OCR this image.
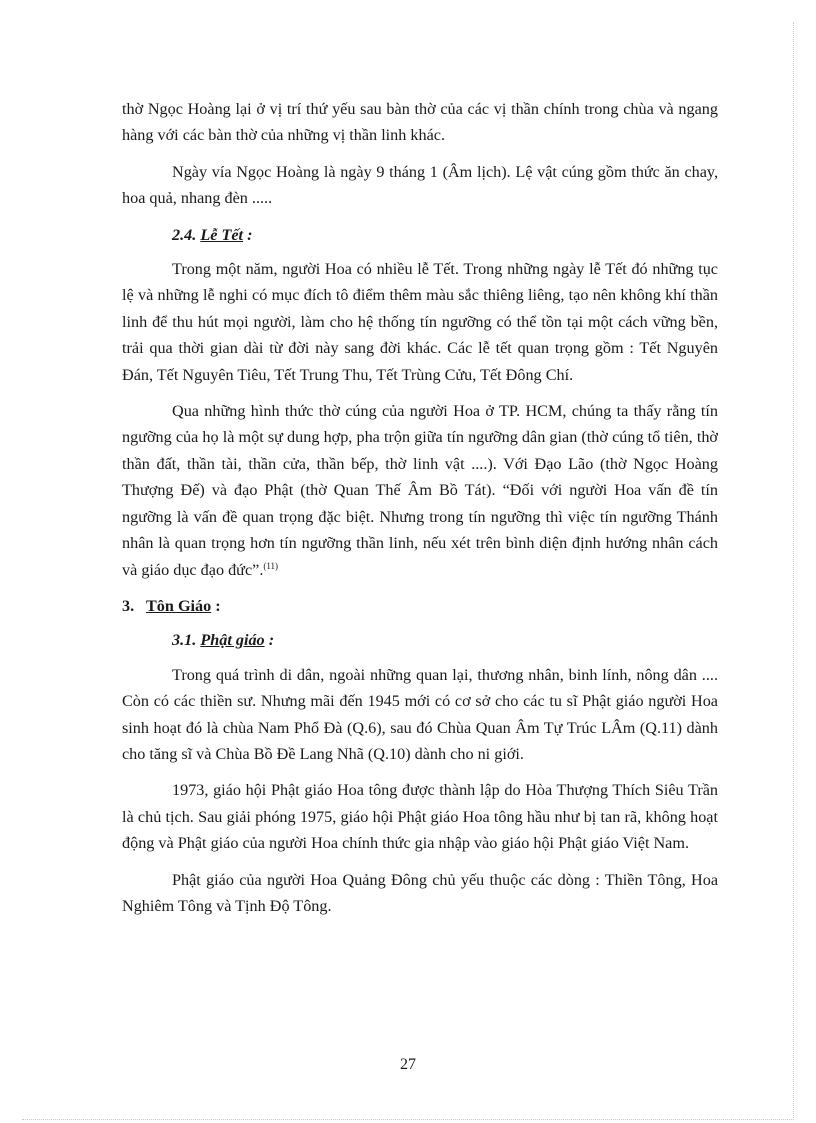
thờ Ngọc Hoàng lại ở vị trí thứ yếu sau bàn thờ của các vị thần chính trong chùa và ngang hàng với các bàn thờ của những vị thần linh khác.

Ngày vía Ngọc Hoàng là ngày 9 tháng 1 (Âm lịch). Lệ vật cúng gồm thức ăn chay, hoa quả, nhang đèn .....

2.4. Lễ Tết :

Trong một năm, người Hoa có nhiều lễ Tết. Trong những ngày lễ Tết đó những tục lệ và những lễ nghi có mục đích tô điểm thêm màu sắc thiêng liêng, tạo nên không khí thần linh để thu hút mọi người, làm cho hệ thống tín ngưỡng có thể tồn tại một cách vững bền, trải qua thời gian dài từ đời này sang đời khác. Các lễ tết quan trọng gồm : Tết Nguyên Đán, Tết Nguyên Tiêu, Tết Trung Thu, Tết Trùng Cửu, Tết Đông Chí.

Qua những hình thức thờ cúng của người Hoa ở TP. HCM, chúng ta thấy rằng tín ngưỡng của họ là một sự dung hợp, pha trộn giữa tín ngưỡng dân gian (thờ cúng tổ tiên, thờ thần đất, thần tài, thần cửa, thần bếp, thờ linh vật ....). Với Đạo Lão (thờ Ngọc Hoàng Thượng Đế) và đạo Phật (thờ Quan Thế Âm Bồ Tát). “Đối với người Hoa vấn đề tín ngưỡng là vấn đề quan trọng đặc biệt. Nhưng trong tín ngưỡng thì việc tín ngưỡng Thánh nhân là quan trọng hơn tín ngưỡng thần linh, nếu xét trên bình diện định hướng nhân cách và giáo dục đạo đức”.$^{(11)}$

3. Tôn Giáo :

3.1. Phật giáo :

Trong quá trình di dân, ngoài những quan lại, thương nhân, binh lính, nông dân .... Còn có các thiền sư. Nhưng mãi đến 1945 mới có cơ sở cho các tu sĩ Phật giáo người Hoa sinh hoạt đó là chùa Nam Phổ Đà (Q.6), sau đó Chùa Quan Âm Tự Trúc LÂm (Q.11) dành cho tăng sĩ và Chùa Bồ Đề Lang Nhã (Q.10) dành cho ni giới.

1973, giáo hội Phật giáo Hoa tông được thành lập do Hòa Thượng Thích Siêu Trần là chủ tịch. Sau giải phóng 1975, giáo hội Phật giáo Hoa tông hầu như bị tan rã, không hoạt động và Phật giáo của người Hoa chính thức gia nhập vào giáo hội Phật giáo Việt Nam.

Phật giáo của người Hoa Quảng Đông chủ yếu thuộc các dòng : Thiền Tông, Hoa Nghiêm Tông và Tịnh Độ Tông.

27
